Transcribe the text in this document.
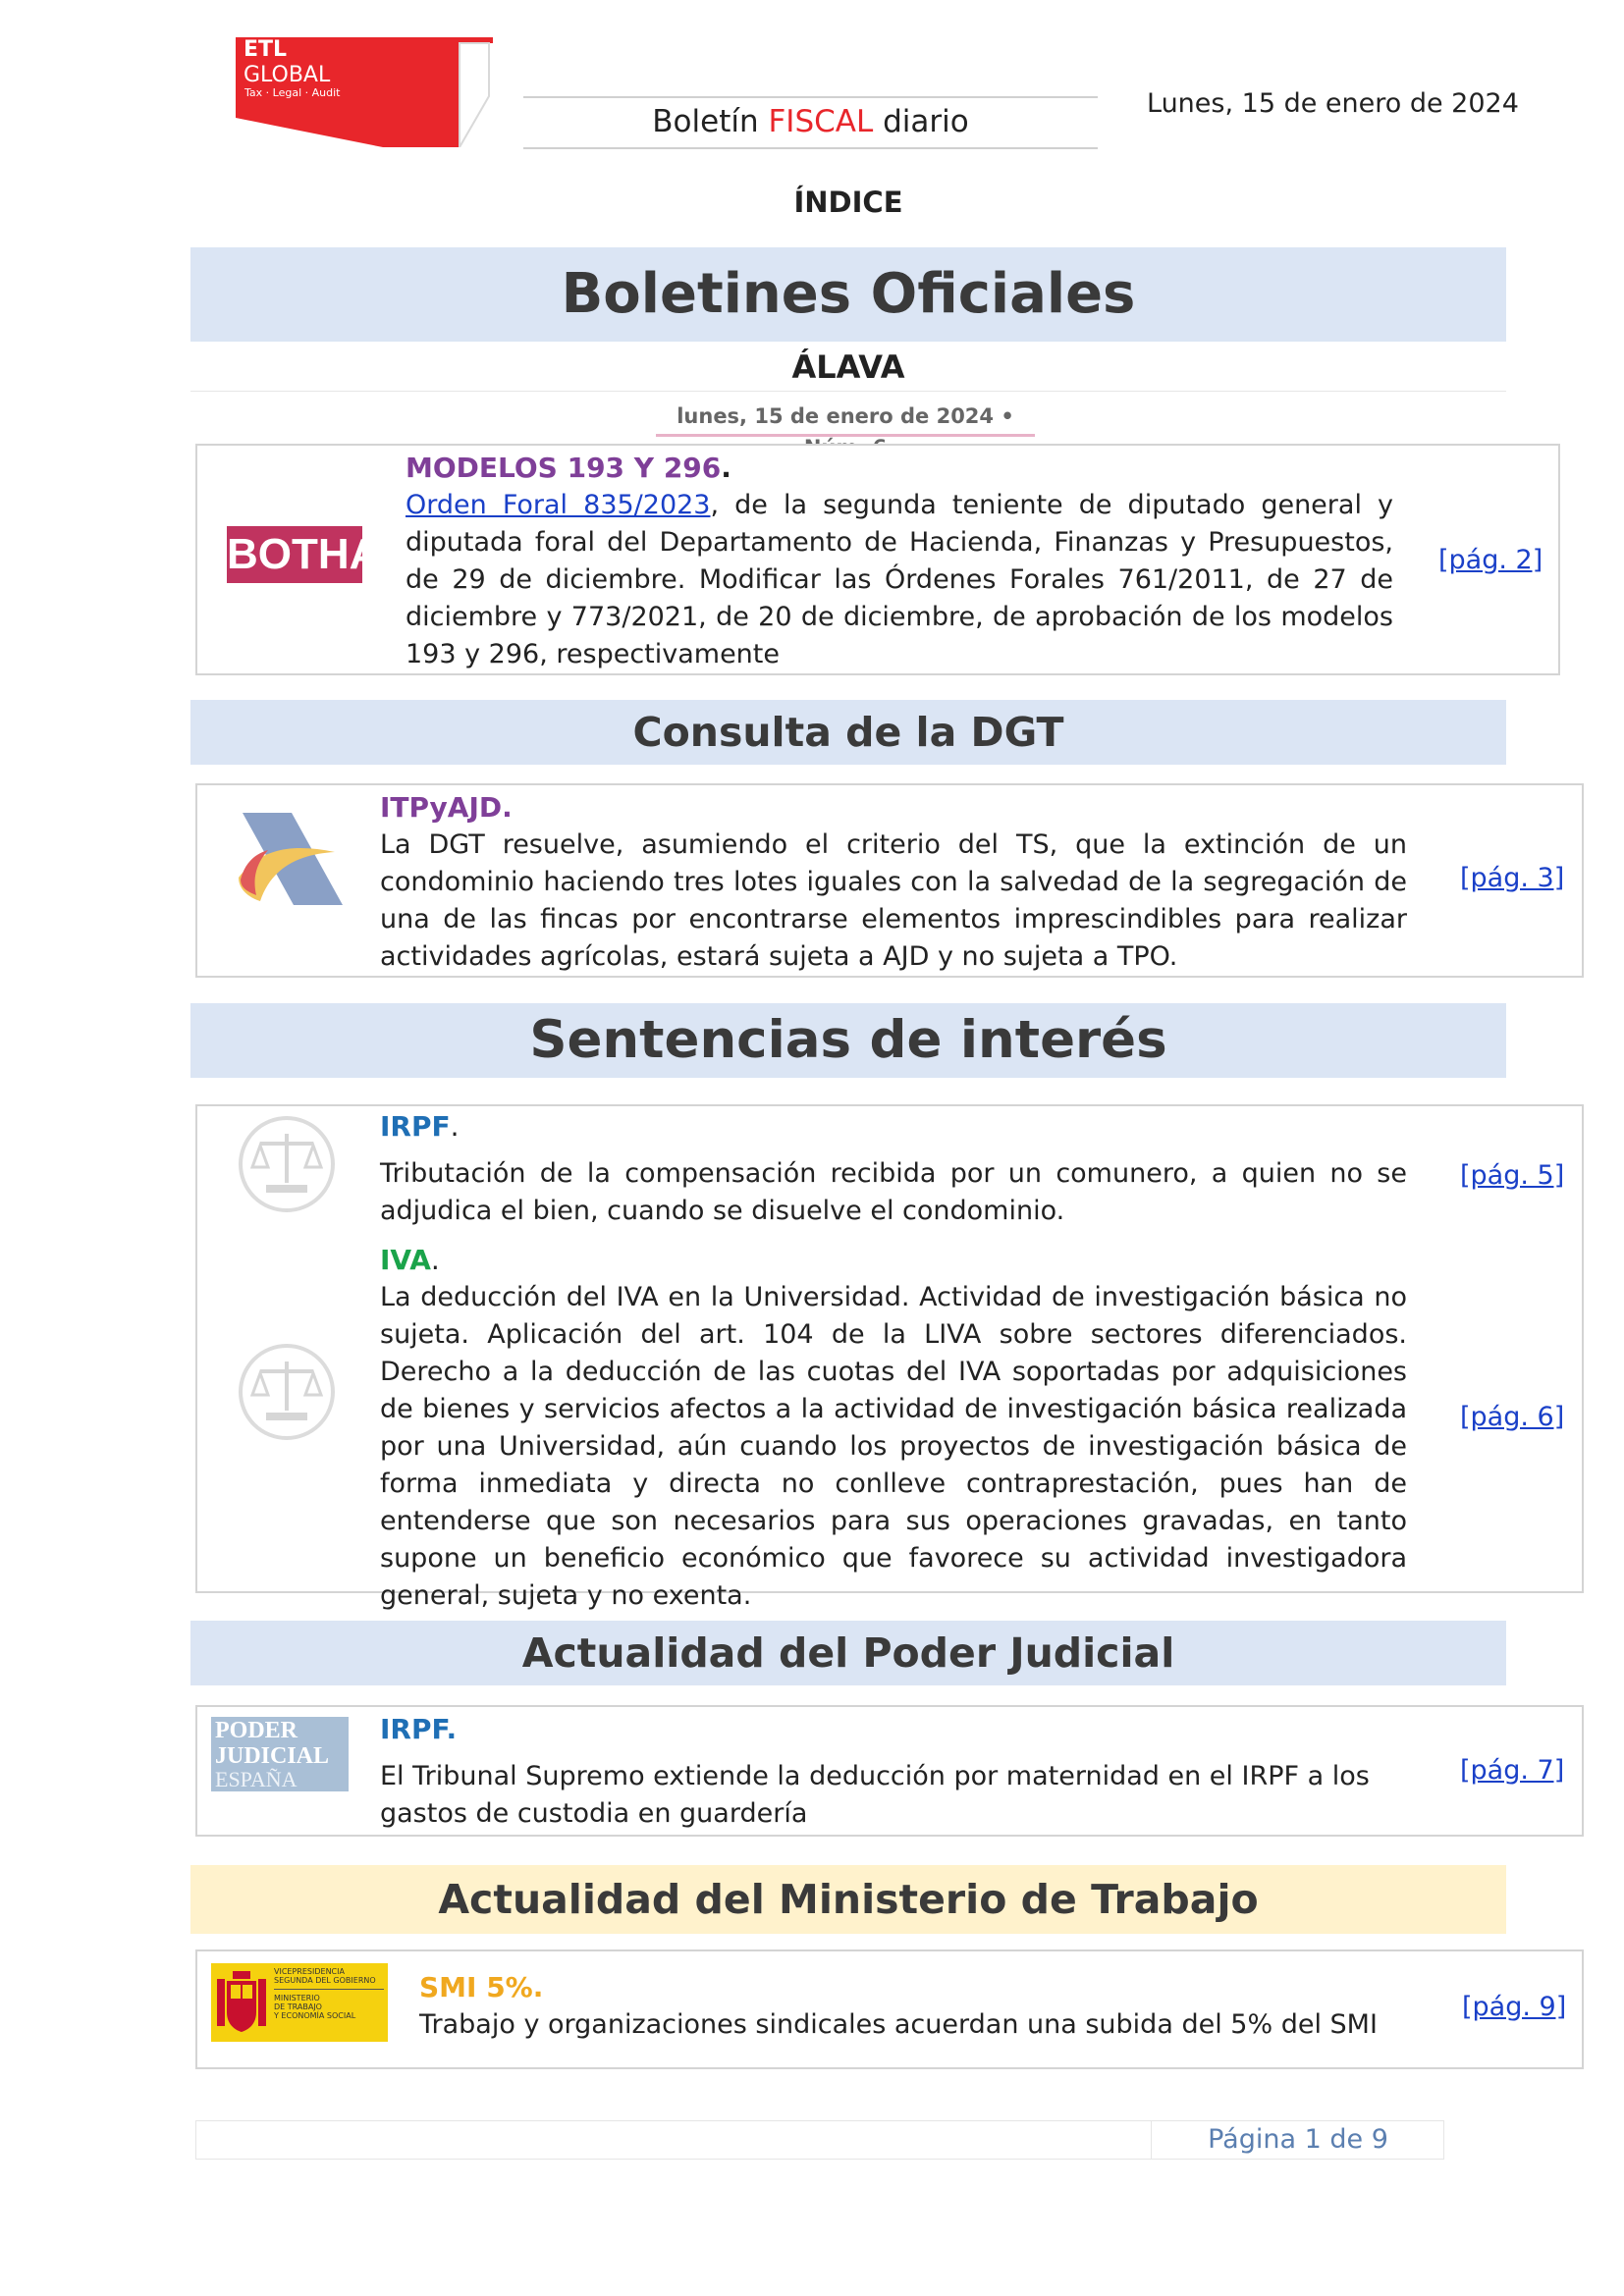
ETL
GLOBAL
Tax · Legal · Audit
Boletín FISCAL diario
Lunes, 15 de enero de 2024
ÍNDICE
Boletines Oficiales
ÁLAVA
lunes, 15 de enero de 2024 •
BOTHA
MODELOS 193 Y 296.
Orden Foral 835/2023, de la segunda teniente de diputado general y diputada foral del Departamento de Hacienda, Finanzas y Presupuestos, de 29 de diciembre. Modificar las Órdenes Forales 761/2011, de 27 de diciembre y 773/2021, de 20 de diciembre, de aprobación de los modelos 193 y 296, respectivamente
[pág. 2]
Consulta de la DGT
ITPyAJD.
La DGT resuelve, asumiendo el criterio del TS, que la extinción de un condominio haciendo tres lotes iguales con la salvedad de la segregación de una de las fincas por encontrarse elementos imprescindibles para realizar actividades agrícolas, estará sujeta a AJD y no sujeta a TPO.
[pág. 3]
Sentencias de interés
IRPF.
Tributación de la compensación recibida por un comunero, a quien no se adjudica el bien, cuando se disuelve el condominio.
[pág. 5]
IVA.
La deducción del IVA en la Universidad. Actividad de investigación básica no sujeta. Aplicación del art. 104 de la LIVA sobre sectores diferenciados. Derecho a la deducción de las cuotas del IVA soportadas por adquisiciones de bienes y servicios afectos a la actividad de investigación básica realizada por una Universidad, aún cuando los proyectos de investigación básica de forma inmediata y directa no conlleve contraprestación, pues han de entenderse que son necesarios para sus operaciones gravadas, en tanto supone un beneficio económico que favorece su actividad investigadora general, sujeta y no exenta.
[pág. 6]
Actualidad del Poder Judicial
PODER
JUDICIAL
ESPAÑA
IRPF.
El Tribunal Supremo extiende la deducción por maternidad en el IRPF a los gastos de custodia en guardería
[pág. 7]
Actualidad del Ministerio de Trabajo
VICEPRESIDENCIA
SEGUNDA DEL GOBIERNO
MINISTERIO
DE TRABAJO
Y ECONOMÍA SOCIAL
SMI 5%.
Trabajo y organizaciones sindicales acuerdan una subida del 5% del SMI
[pág. 9]
Página 1 de 9
